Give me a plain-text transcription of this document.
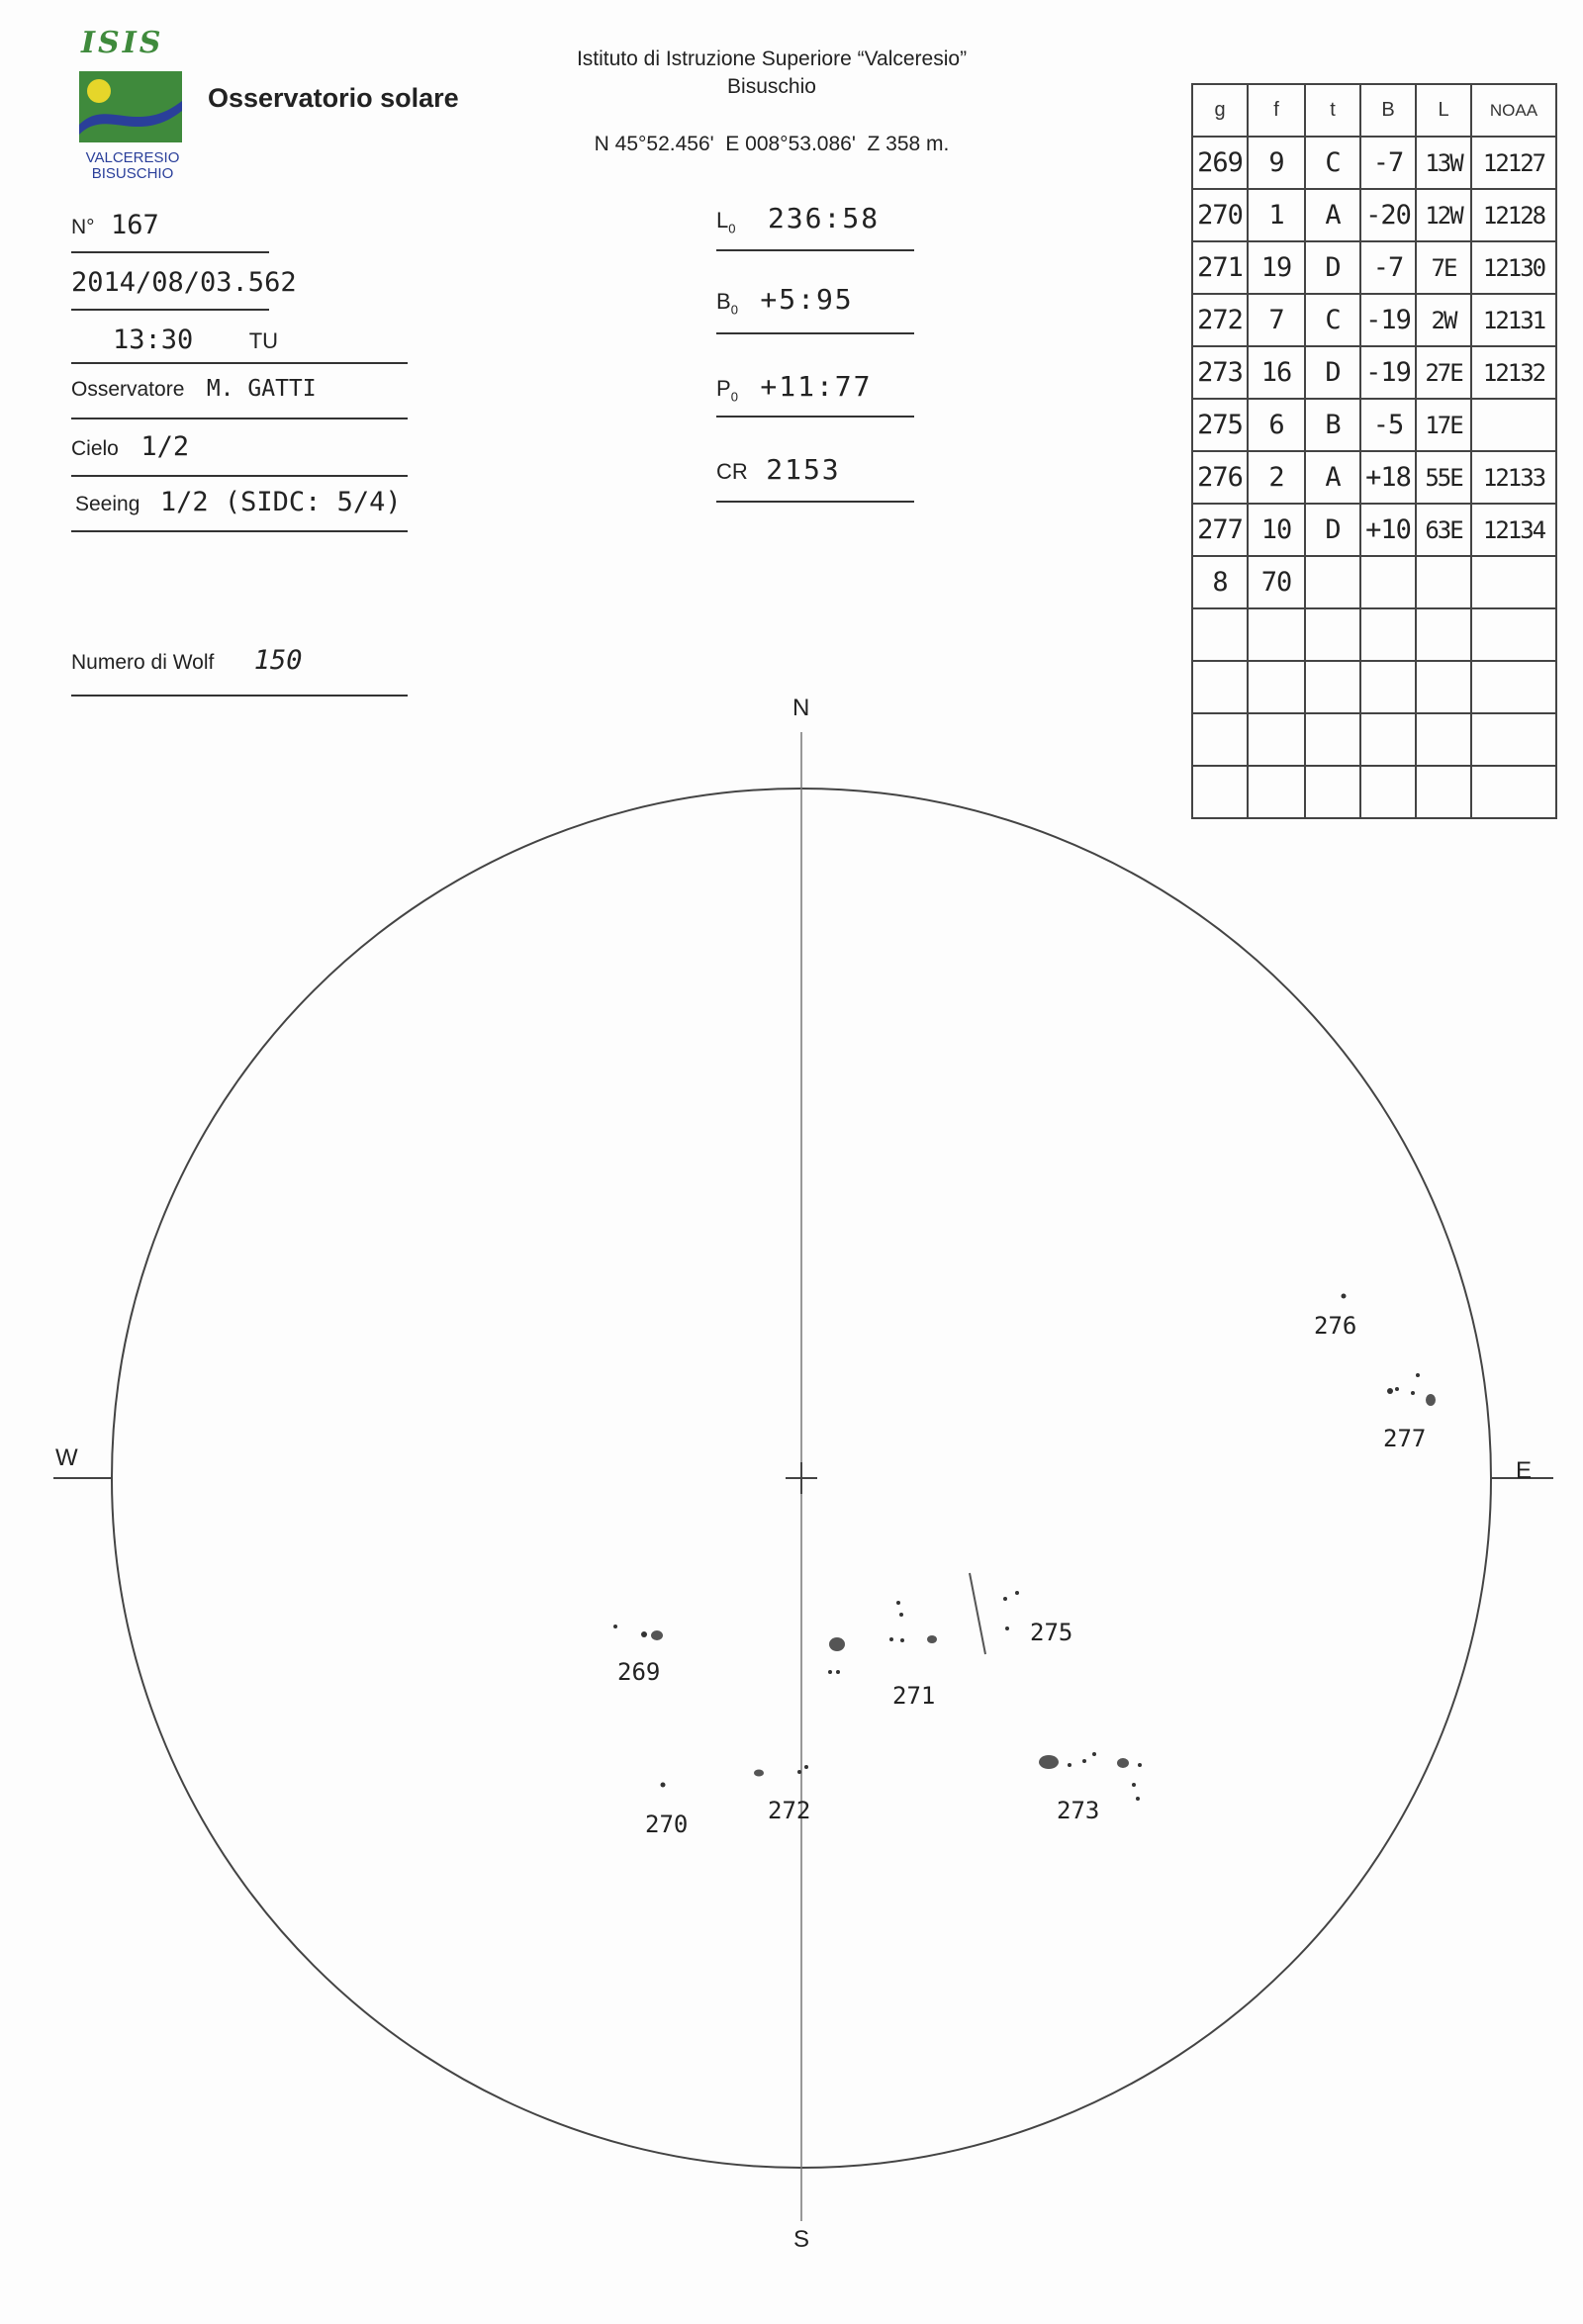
ISIS
VALCERESIO
BISUSCHIO
Osservatorio solare
Istituto di Istruzione Superiore “Valceresio”
Bisuschio
N 45°52.456'  E 008°53.086'  Z 358 m.
N° 167
2014/08/03.562
13:30	TU
Osservatore M. GATTI
Cielo 1/2
Seeing 1/2 (SIDC: 5/4)
Numero di Wolf 150
$L_0$ 236:58
$B_0$ +5:95
$P_0$ +11:77
CR 2153
g	f	t	B	L	NOAA
269	9	C	-7	13W	12127
270	1	A	-20	12W	12128
271	19	D	-7	7E	12130
272	7	C	-19	2W	12131
273	16	D	-19	27E	12132
275	6	B	-5	17E	
276	2	A	+18	55E	12133
277	10	D	+10	63E	12134
8	70				

N
S
W	E
269
270
271
272	273
275
276
277
